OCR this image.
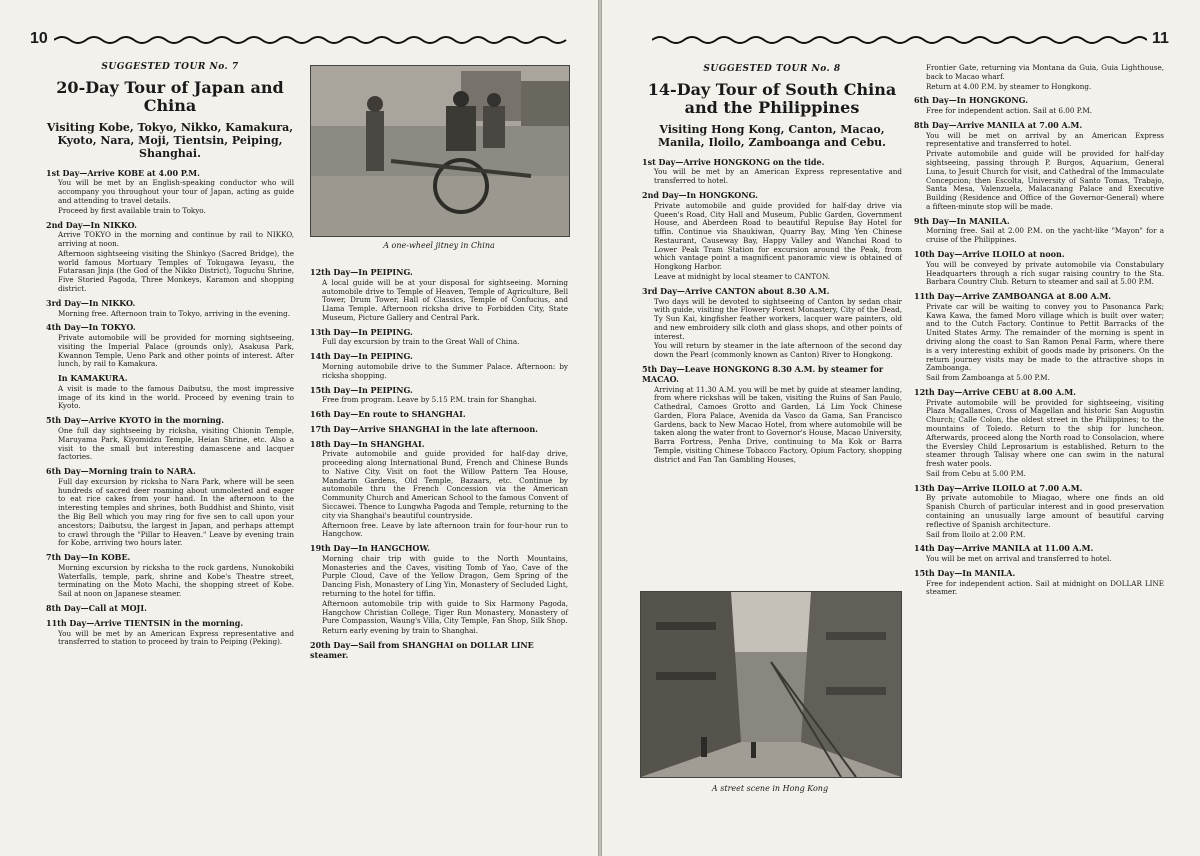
10

SUGGESTED TOUR No. 7

20-Day Tour of Japan and China

Visiting Kobe, Tokyo, Nikko, Kamakura, Kyoto, Nara, Moji, Tientsin, Peiping, Shanghai.

1st Day—Arrive KOBE at 4.00 P.M.

You will be met by an English-speaking conductor who will accompany you throughout your tour of Japan, acting as guide and attending to travel details.

Proceed by first available train to Tokyo.

2nd Day—In NIKKO.

Arrive TOKYO in the morning and continue by rail to NIKKO, arriving at noon.

Afternoon sightseeing visiting the Shinkyo (Sacred Bridge), the world famous Mortuary Temples of Tokugawa Ieyasu, the Futarasan Jinja (the God of the Nikko District), Toguchu Shrine, Five Storied Pagoda, Three Monkeys, Karamon and shopping district.

3rd Day—In NIKKO.

Morning free. Afternoon train to Tokyo, arriving in the evening.

4th Day—In TOKYO.

Private automobile will be provided for morning sightseeing, visiting the Imperial Palace (grounds only), Asakusa Park, Kwannon Temple, Ueno Park and other points of interest. After lunch, by rail to Kamakura.

In KAMAKURA.

A visit is made to the famous Daibutsu, the most impressive image of its kind in the world. Proceed by evening train to Kyoto.

5th Day—Arrive KYOTO in the morning.

One full day sightseeing by ricksha, visiting Chionin Temple, Maruyama Park, Kiyomidzu Temple, Heian Shrine, etc. Also a visit to the small but interesting damascene and lacquer factories.

6th Day—Morning train to NARA.

Full day excursion by ricksha to Nara Park, where will be seen hundreds of sacred deer roaming about unmolested and eager to eat rice cakes from your hand. In the afternoon to the interesting temples and shrines, both Buddhist and Shinto, visit the Big Bell which you may ring for five sen to call upon your ancestors; Daibutsu, the largest in Japan, and perhaps attempt to crawl through the "Pillar to Heaven." Leave by evening train for Kobe, arriving two hours later.

7th Day—In KOBE.

Morning excursion by ricksha to the rock gardens, Nunokobiki Waterfalls, temple, park, shrine and Kobe's Theatre street, terminating on the Moto Machi, the shopping street of Kobe. Sail at noon on Japanese steamer.

8th Day—Call at MOJI.
11th Day—Arrive TIENTSIN in the morning.

You will be met by an American Express representative and transferred to station to proceed by train to Peiping (Peking).

A one-wheel jitney in China
12th Day—In PEIPING.

A local guide will be at your disposal for sightseeing. Morning automobile drive to Temple of Heaven, Temple of Agriculture, Bell Tower, Drum Tower, Hall of Classics, Temple of Confucius, and Llama Temple. Afternoon ricksha drive to Forbidden City, State Museum, Picture Gallery and Central Park.

13th Day—In PEIPING.

Full day excursion by train to the Great Wall of China.

14th Day—In PEIPING.

Morning automobile drive to the Summer Palace. Afternoon: by ricksha shopping.

15th Day—In PEIPING.

Free from program. Leave by 5.15 P.M. train for Shanghai.

16th Day—En route to SHANGHAI.
17th Day—Arrive SHANGHAI in the late afternoon.
18th Day—In SHANGHAI.

Private automobile and guide provided for half-day drive, proceeding along International Bund, French and Chinese Bunds to Native City. Visit on foot the Willow Pattern Tea House, Mandarin Gardens, Old Temple, Bazaars, etc. Continue by automobile thru the French Concession via the American Community Church and American School to the famous Convent of Siccawei. Thence to Lungwha Pagoda and Temple, returning to the city via Shanghai's beautiful countryside.

Afternoon free. Leave by late afternoon train for four-hour run to Hangchow.

19th Day—In HANGCHOW.

Morning chair trip with guide to the North Mountains, Monasteries and the Caves, visiting Tomb of Yao, Cave of the Purple Cloud, Cave of the Yellow Dragon, Gem Spring of the Dancing Fish, Monastery of Ling Yin, Monastery of Secluded Light, returning to the hotel for tiffin.

Afternoon automobile trip with guide to Six Harmony Pagoda, Hangchow Christian College, Tiger Run Monastery, Monastery of Pure Compassion, Waung's Villa, City Temple, Fan Shop, Silk Shop.

Return early evening by train to Shanghai.

20th Day—Sail from SHANGHAI on DOLLAR LINE steamer.
11

SUGGESTED TOUR No. 8

14-Day Tour of South China and the Philippines

Visiting Hong Kong, Canton, Macao, Manila, Iloilo, Zamboanga and Cebu.

1st Day—Arrive HONGKONG on the tide.

You will be met by an American Express representative and transferred to hotel.

2nd Day—In HONGKONG.

Private automobile and guide provided for half-day drive via Queen's Road, City Hall and Museum, Public Garden, Government House, and Aberdeen Road to beautiful Repulse Bay Hotel for tiffin. Continue via Shaukiwan, Quarry Bay, Ming Yen Chinese Restaurant, Causeway Bay, Happy Valley and Wanchai Road to Lower Peak Tram Station for excursion around the Peak, from which vantage point a magnificent panoramic view is obtained of Hongkong Harbor.

Leave at midnight by local steamer to CANTON.

3rd Day—Arrive CANTON about 8.30 A.M.

Two days will be devoted to sightseeing of Canton by sedan chair with guide, visiting the Flowery Forest Monastery, City of the Dead, Ty Sun Kai, kingfisher feather workers, lacquer ware painters, old and new embroidery silk cloth and glass shops, and other points of interest.

You will return by steamer in the late afternoon of the second day down the Pearl (commonly known as Canton) River to Hongkong.

5th Day—Leave HONGKONG 8.30 A.M. by steamer for MACAO.

Arriving at 11.30 A.M. you will be met by guide at steamer landing, from where rickshas will be taken, visiting the Ruins of San Paulo, Cathedral, Camoes Grotto and Garden, Lá Lim Yock Chinese Garden, Flora Palace, Avenida da Vasco da Gama, San Francisco Gardens, back to New Macao Hotel, from where automobile will be taken along the water front to Governor's House, Macao University, Barra Fortress, Penha Drive, continuing to Ma Kok or Barra Temple, visiting Chinese Tobacco Factory, Opium Factory, shopping district and Fan Tan Gambling Houses,

A street scene in Hong Kong

Frontier Gate, returning via Montana da Guia, Guia Lighthouse, back to Macao wharf.

Return at 4.00 P.M. by steamer to Hongkong.

6th Day—In HONGKONG.

Free for independent action. Sail at 6.00 P.M.

8th Day—Arrive MANILA at 7.00 A.M.

You will be met on arrival by an American Express representative and transferred to hotel.

Private automobile and guide will be provided for half-day sightseeing, passing through P. Burgos, Aquarium, General Luna, to Jesuit Church for visit, and Cathedral of the Immaculate Concepcion; then Escolta, University of Santo Tomas, Trabajo, Santa Mesa, Valenzuela, Malacanang Palace and Executive Building (Residence and Office of the Governor-General) where a fifteen-minute stop will be made.

9th Day—In MANILA.

Morning free. Sail at 2.00 P.M. on the yacht-like "Mayon" for a cruise of the Philippines.

10th Day—Arrive ILOILO at noon.

You will be conveyed by private automobile via Constabulary Headquarters through a rich sugar raising country to the Sta. Barbara Country Club. Return to steamer and sail at 5.00 P.M.

11th Day—Arrive ZAMBOANGA at 8.00 A.M.

Private car will be waiting to convey you to Pasonanca Park; Kawa Kawa, the famed Moro village which is built over water; and to the Cutch Factory. Continue to Pettit Barracks of the United States Army. The remainder of the morning is spent in driving along the coast to San Ramon Penal Farm, where there is a very interesting exhibit of goods made by prisoners. On the return journey visits may be made to the attractive shops in Zamboanga.

Sail from Zamboanga at 5.00 P.M.

12th Day—Arrive CEBU at 8.00 A.M.

Private automobile will be provided for sightseeing, visiting Plaza Magallanes, Cross of Magellan and historic San Augustin Church; Calle Colon, the oldest street in the Philippines; to the mountains of Toledo. Return to the ship for luncheon. Afterwards, proceed along the North road to Consolacion, where the Eversley Child Leprosarium is established. Return to the steamer through Talisay where one can swim in the natural fresh water pools.

Sail from Cebu at 5.00 P.M.

13th Day—Arrive ILOILO at 7.00 A.M.

By private automobile to Miagao, where one finds an old Spanish Church of particular interest and in good preservation containing an unusually large amount of beautiful carving reflective of Spanish architecture.

Sail from Iloilo at 2.00 P.M.

14th Day—Arrive MANILA at 11.00 A.M.

You will be met on arrival and transferred to hotel.

15th Day—In MANILA.

Free for independent action. Sail at midnight on DOLLAR LINE steamer.
